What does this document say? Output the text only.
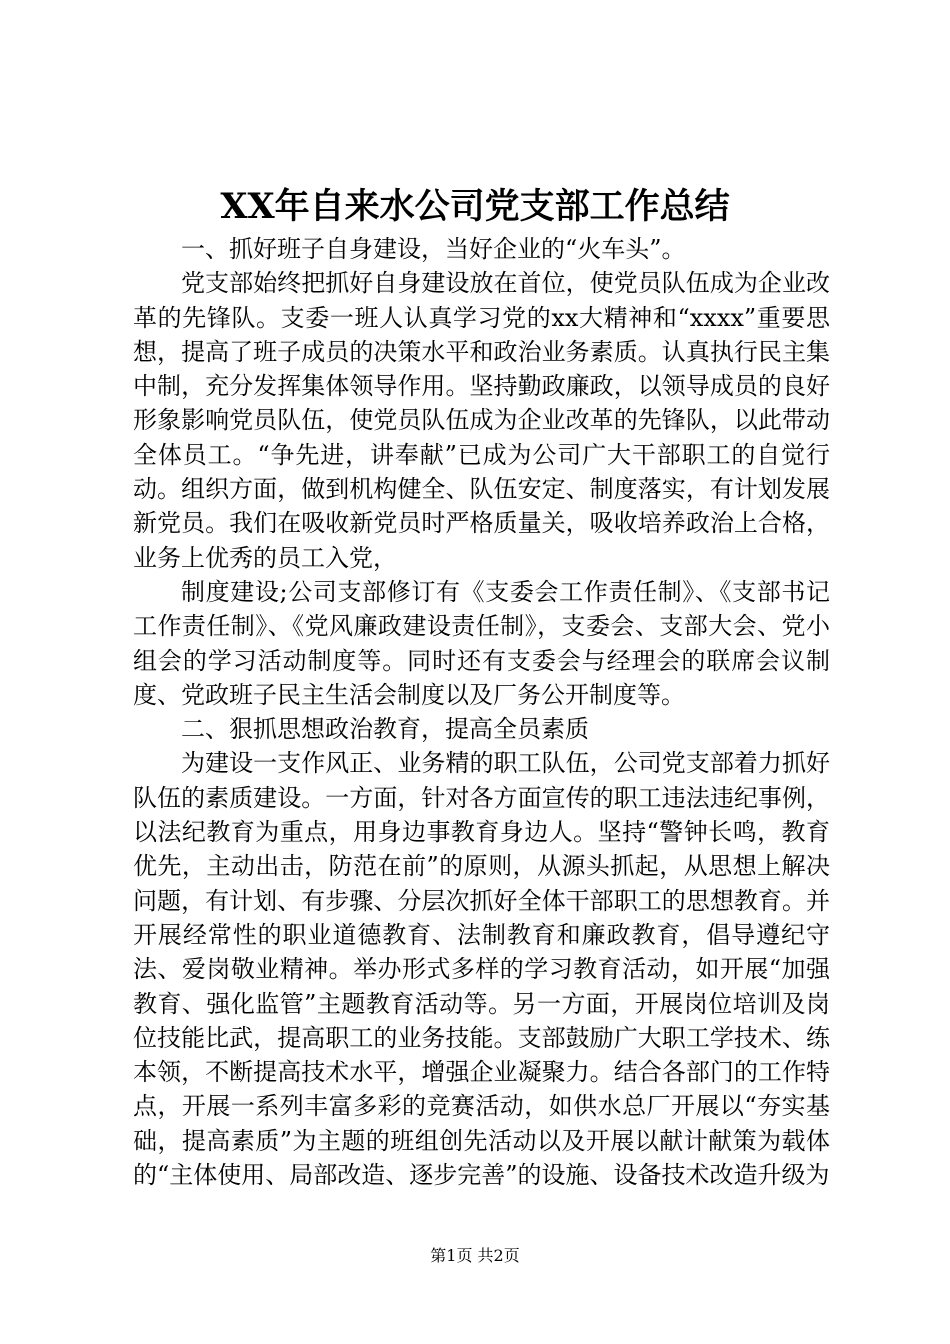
XX年自来水公司党支部工作总结

一、抓好班子自身建设，当好企业的“火车头”。

党支部始终把抓好自身建设放在首位，使党员队伍成为企业改革的先锋队。支委一班人认真学习党的xx大精神和“xxxx”重要思想，提高了班子成员的决策水平和政治业务素质。认真执行民主集中制，充分发挥集体领导作用。坚持勤政廉政，以领导成员的良好形象影响党员队伍，使党员队伍成为企业改革的先锋队，以此带动全体员工。“争先进，讲奉献”已成为公司广大干部职工的自觉行动。组织方面，做到机构健全、队伍安定、制度落实，有计划发展新党员。我们在吸收新党员时严格质量关，吸收培养政治上合格，业务上优秀的员工入党，

制度建设;公司支部修订有《支委会工作责任制》、《支部书记工作责任制》、《党风廉政建设责任制》，支委会、支部大会、党小组会的学习活动制度等。同时还有支委会与经理会的联席会议制度、党政班子民主生活会制度以及厂务公开制度等。

二、狠抓思想政治教育，提高全员素质

为建设一支作风正、业务精的职工队伍，公司党支部着力抓好队伍的素质建设。一方面，针对各方面宣传的职工违法违纪事例，以法纪教育为重点，用身边事教育身边人。坚持“警钟长鸣，教育优先，主动出击，防范在前”的原则，从源头抓起，从思想上解决问题，有计划、有步骤、分层次抓好全体干部职工的思想教育。并开展经常性的职业道德教育、法制教育和廉政教育，倡导遵纪守法、爱岗敬业精神。举办形式多样的学习教育活动，如开展“加强教育、强化监管”主题教育活动等。另一方面，开展岗位培训及岗位技能比武，提高职工的业务技能。支部鼓励广大职工学技术、练本领，不断提高技术水平，增强企业凝聚力。结合各部门的工作特点，开展一系列丰富多彩的竞赛活动，如供水总厂开展以“夯实基础，提高素质”为主题的班组创先活动以及开展以献计献策为载体的“主体使用、局部改造、逐步完善”的设施、设备技术改造升级为

第1页 共2页
